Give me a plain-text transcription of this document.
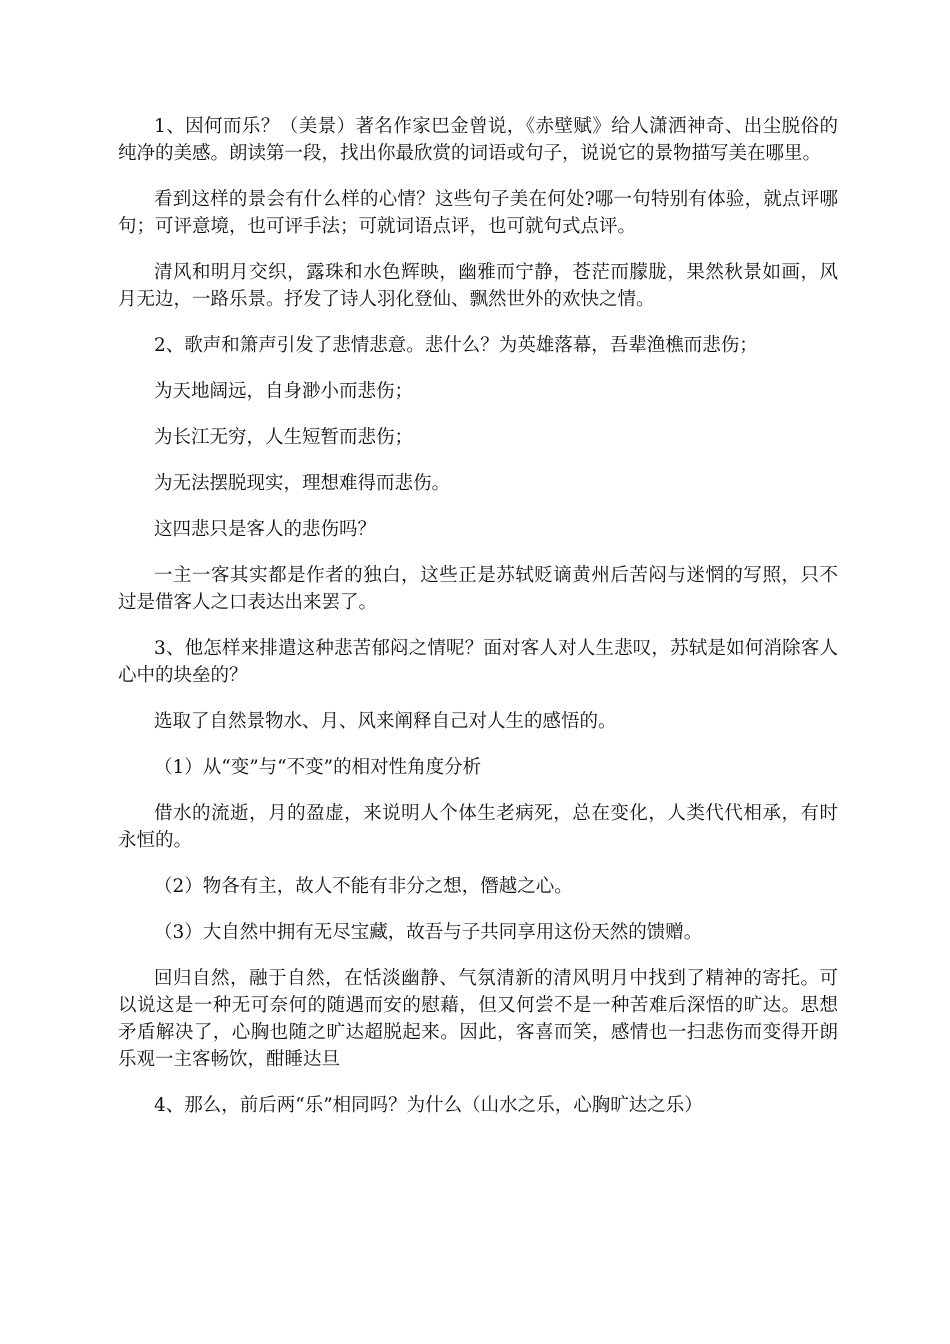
1、因何而乐？（美景）著名作家巴金曾说，《赤壁赋》给人潇洒神奇、出尘脱俗的纯净的美感。朗读第一段，找出你最欣赏的词语或句子，说说它的景物描写美在哪里。

看到这样的景会有什么样的心情？这些句子美在何处?哪一句特别有体验，就点评哪句；可评意境，也可评手法；可就词语点评，也可就句式点评。

清风和明月交织，露珠和水色辉映，幽雅而宁静，苍茫而朦胧，果然秋景如画，风月无边，一路乐景。抒发了诗人羽化登仙、飘然世外的欢快之情。

2、歌声和箫声引发了悲情悲意。悲什么？为英雄落幕，吾辈渔樵而悲伤；

为天地阔远，自身渺小而悲伤；

为长江无穷，人生短暂而悲伤；

为无法摆脱现实，理想难得而悲伤。

这四悲只是客人的悲伤吗？

一主一客其实都是作者的独白，这些正是苏轼贬谪黄州后苦闷与迷惘的写照，只不过是借客人之口表达出来罢了。

3、他怎样来排遣这种悲苦郁闷之情呢？面对客人对人生悲叹，苏轼是如何消除客人心中的块垒的？

选取了自然景物水、月、风来阐释自己对人生的感悟的。

（1）从“变”与“不变”的相对性角度分析

借水的流逝，月的盈虚，来说明人个体生老病死，总在变化，人类代代相承，有时永恒的。

（2）物各有主，故人不能有非分之想，僭越之心。

（3）大自然中拥有无尽宝藏，故吾与子共同享用这份天然的馈赠。

回归自然，融于自然，在恬淡幽静、气氛清新的清风明月中找到了精神的寄托。可以说这是一种无可奈何的随遇而安的慰藉，但又何尝不是一种苦难后深悟的旷达。思想矛盾解决了，心胸也随之旷达超脱起来。因此，客喜而笑，感情也一扫悲伤而变得开朗乐观一主客畅饮，酣睡达旦

4、那么，前后两“乐”相同吗？为什么（山水之乐，心胸旷达之乐）
